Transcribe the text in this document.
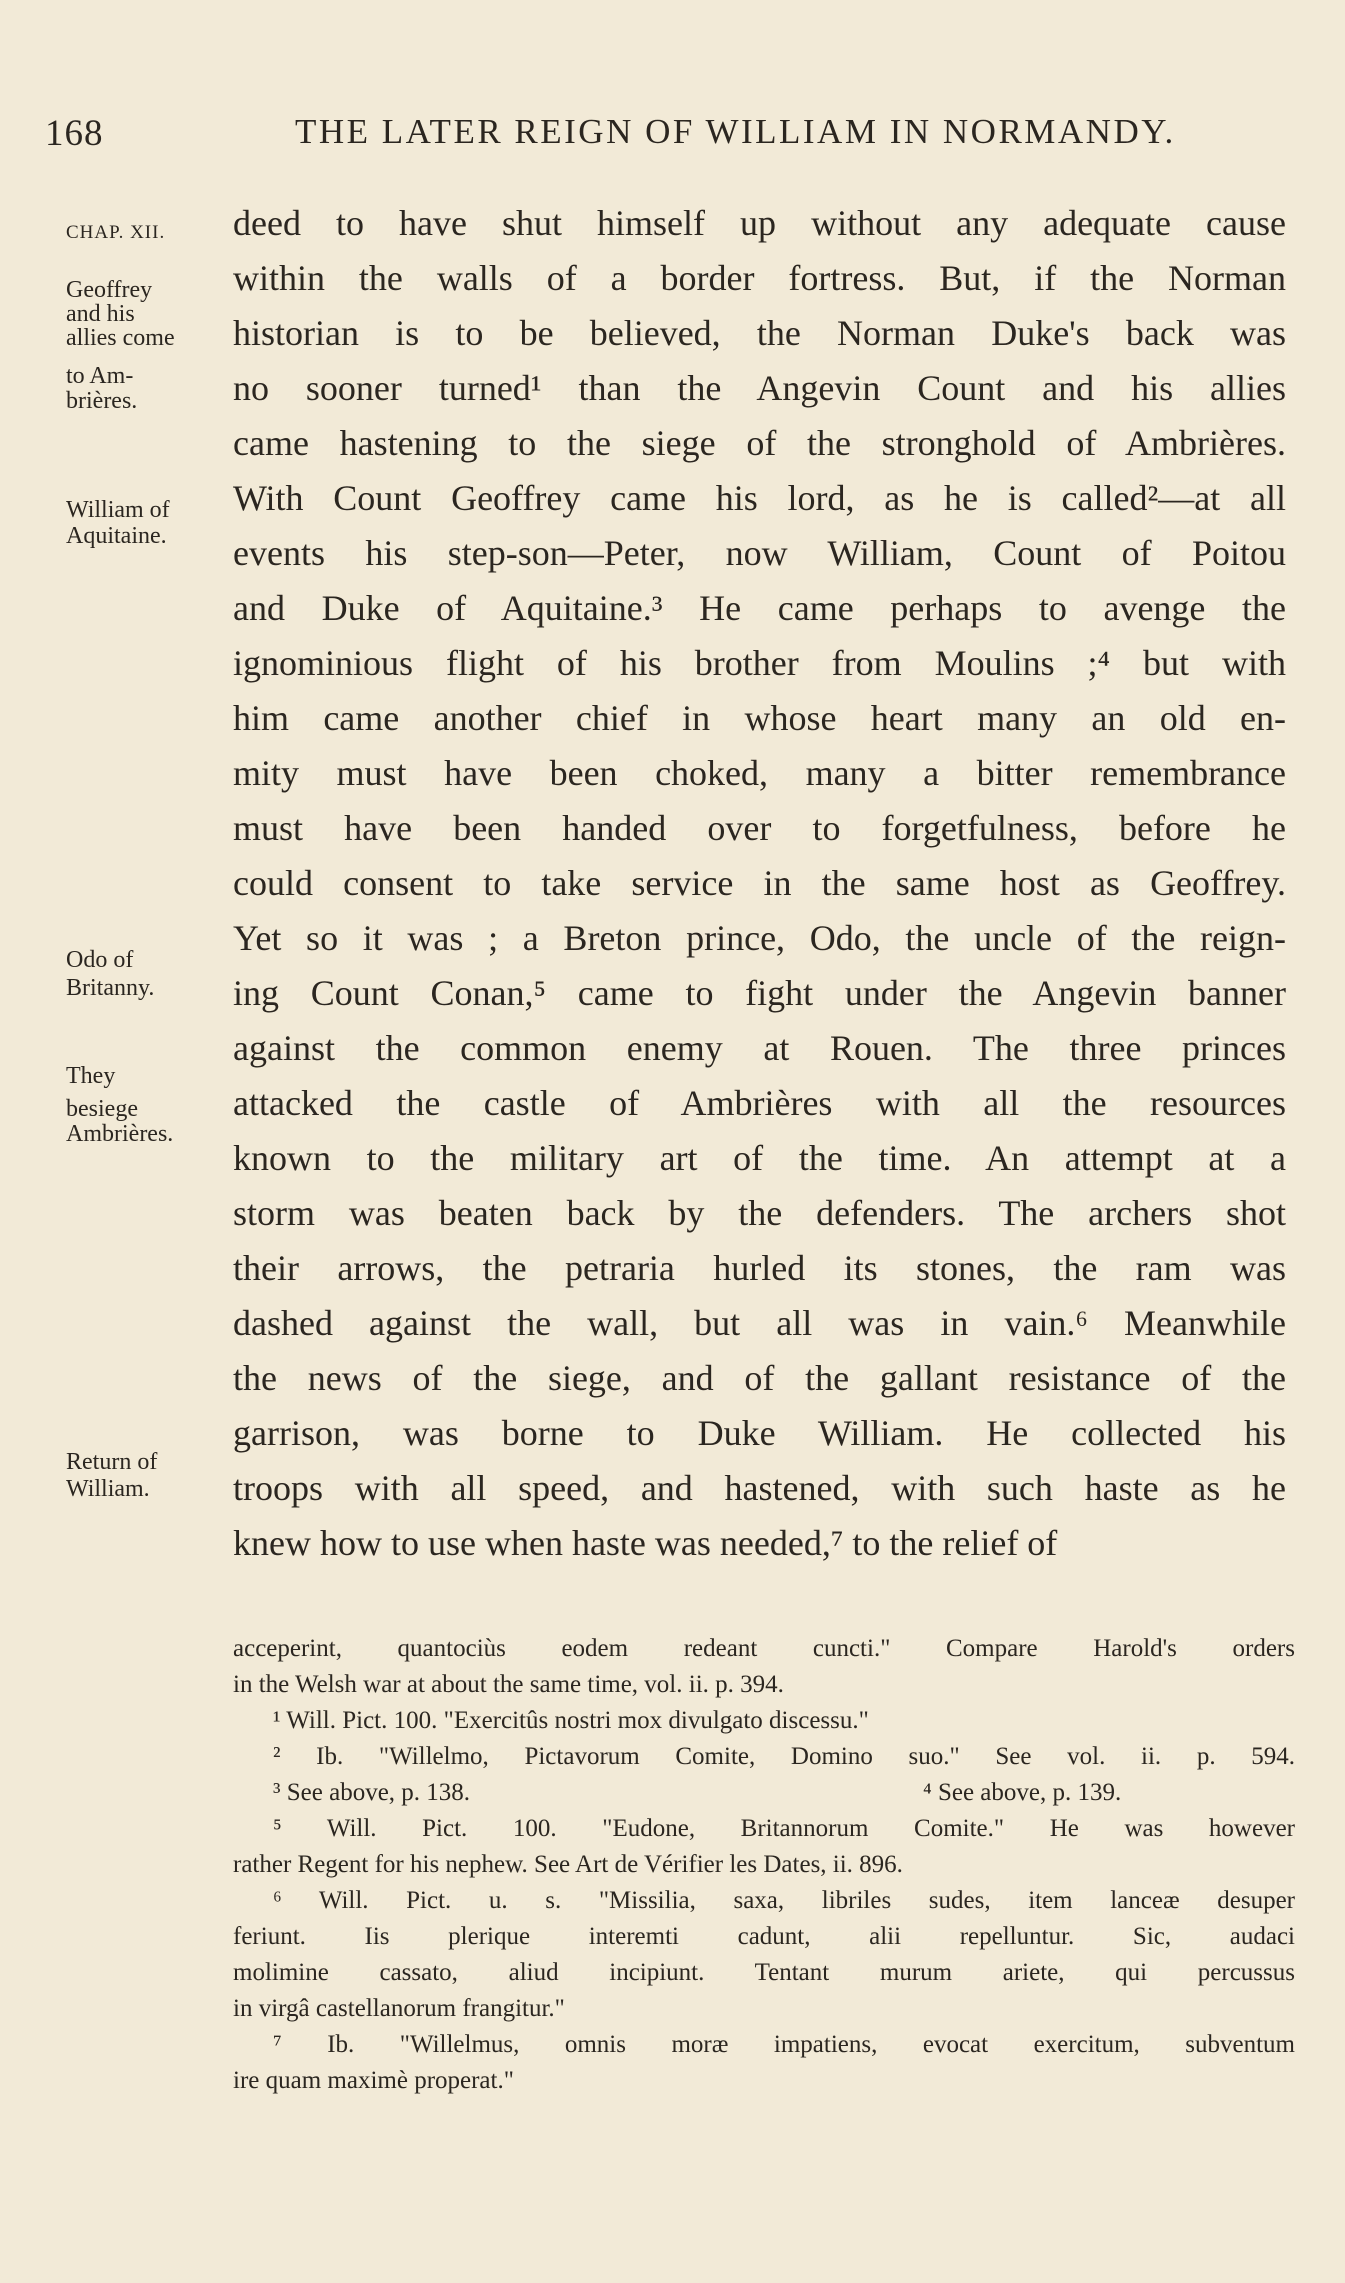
168	THE LATER REIGN OF WILLIAM IN NORMANDY.
CHAP. XII.
Geoffrey
and his
allies come
to Am-
brières.
William of
Aquitaine.
Odo of
Britanny.
They
besiege
Ambrières.
Return of
William.
deed to have shut himself up without any adequate cause
within the walls of a border fortress. But, if the Norman
historian is to be believed, the Norman Duke's back was
no sooner turned¹ than the Angevin Count and his allies
came hastening to the siege of the stronghold of Ambrières.
With Count Geoffrey came his lord, as he is called²—at all
events his step-son—Peter, now William, Count of Poitou
and Duke of Aquitaine.³ He came perhaps to avenge the
ignominious flight of his brother from Moulins ;⁴ but with
him came another chief in whose heart many an old en-
mity must have been choked, many a bitter remembrance
must have been handed over to forgetfulness, before he
could consent to take service in the same host as Geoffrey.
Yet so it was ; a Breton prince, Odo, the uncle of the reign-
ing Count Conan,⁵ came to fight under the Angevin banner
against the common enemy at Rouen. The three princes
attacked the castle of Ambrières with all the resources
known to the military art of the time. An attempt at a
storm was beaten back by the defenders. The archers shot
their arrows, the petraria hurled its stones, the ram was
dashed against the wall, but all was in vain.⁶ Meanwhile
the news of the siege, and of the gallant resistance of the
garrison, was borne to Duke William. He collected his
troops with all speed, and hastened, with such haste as he
knew how to use when haste was needed,⁷ to the relief of
acceperint, quantociùs eodem redeant cuncti." Compare Harold's orders
in the Welsh war at about the same time, vol. ii. p. 394.
¹ Will. Pict. 100. "Exercitûs nostri mox divulgato discessu."
² Ib. "Willelmo, Pictavorum Comite, Domino suo." See vol. ii. p. 594.
³ See above, p. 138.	⁴ See above, p. 139.
⁵ Will. Pict. 100. "Eudone, Britannorum Comite." He was however
rather Regent for his nephew. See Art de Vérifier les Dates, ii. 896.
⁶ Will. Pict. u. s. "Missilia, saxa, libriles sudes, item lanceæ desuper
feriunt. Iis plerique interemti cadunt, alii repelluntur. Sic, audaci
molimine cassato, aliud incipiunt. Tentant murum ariete, qui percussus
in virgâ castellanorum frangitur."
⁷ Ib. "Willelmus, omnis moræ impatiens, evocat exercitum, subventum
ire quam maximè properat."
